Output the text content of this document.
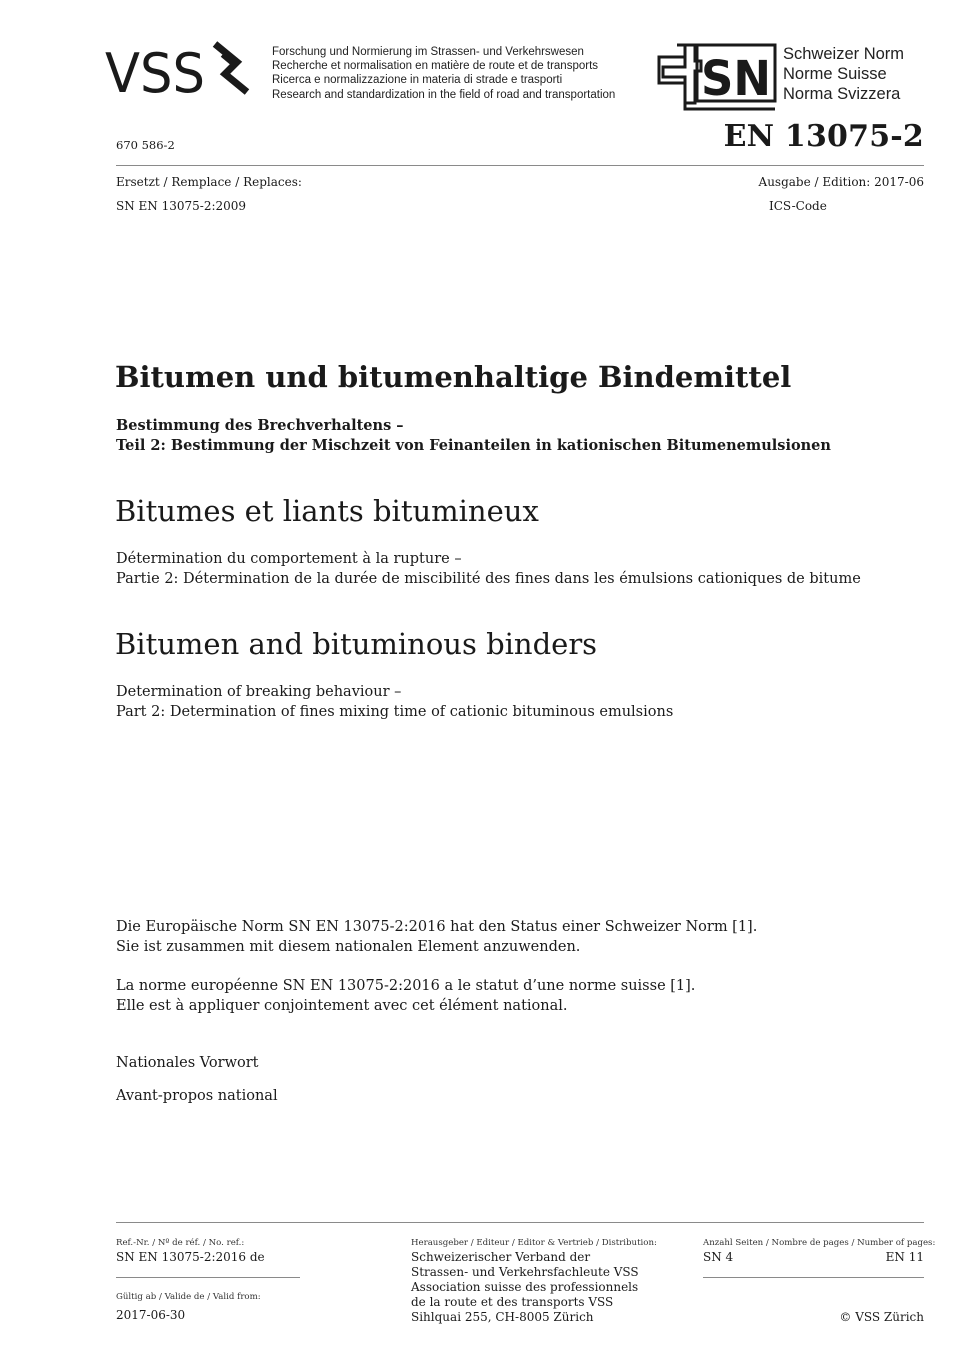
VSS	Forschung und Normierung im Strassen- und Verkehrswesen
Recherche et normalisation en matière de route et de transports
Ricerca e normalizzazione in materia di strade e trasporti
Research and standardization in the field of road and transportation SN Schweizer Norm
Norme Suisse
Norma Svizzera
670 586-2	EN 13075-2
Ersetzt / Remplace / Replaces:
SN EN 13075-2:2009
Ausgabe / Edition: 2017-06
ICS-Code
Bitumen und bitumenhaltige Bindemittel
Bestimmung des Brechverhaltens –
Teil 2: Bestimmung der Mischzeit von Feinanteilen in kationischen Bitumenemulsionen
Bitumes et liants bitumineux
Détermination du comportement à la rupture –
Partie 2: Détermination de la durée de miscibilité des fines dans les émulsions cationiques de bitume
Bitumen and bituminous binders
Determination of breaking behaviour –
Part 2: Determination of fines mixing time of cationic bituminous emulsions
Die Europäische Norm SN EN 13075-2:2016 hat den Status einer Schweizer Norm [1].
Sie ist zusammen mit diesem nationalen Element anzuwenden.
La norme européenne SN EN 13075-2:2016 a le statut d’une norme suisse [1].
Elle est à appliquer conjointement avec cet élément national.
Nationales Vorwort
Avant-propos national
Ref.-Nr. / Nº de réf. / No. ref.:
SN EN 13075-2:2016 de
Gültig ab / Valide de / Valid from:
2017-06-30
Herausgeber / Editeur / Editor & Vertrieb / Distribution:
Schweizerischer Verband der
Strassen- und Verkehrsfachleute VSS
Association suisse des professionnels
de la route et des transports VSS
Sihlquai 255, CH-8005 Zürich
Anzahl Seiten / Nombre de pages / Number of pages:
SN 4	EN 11
© VSS Zürich
